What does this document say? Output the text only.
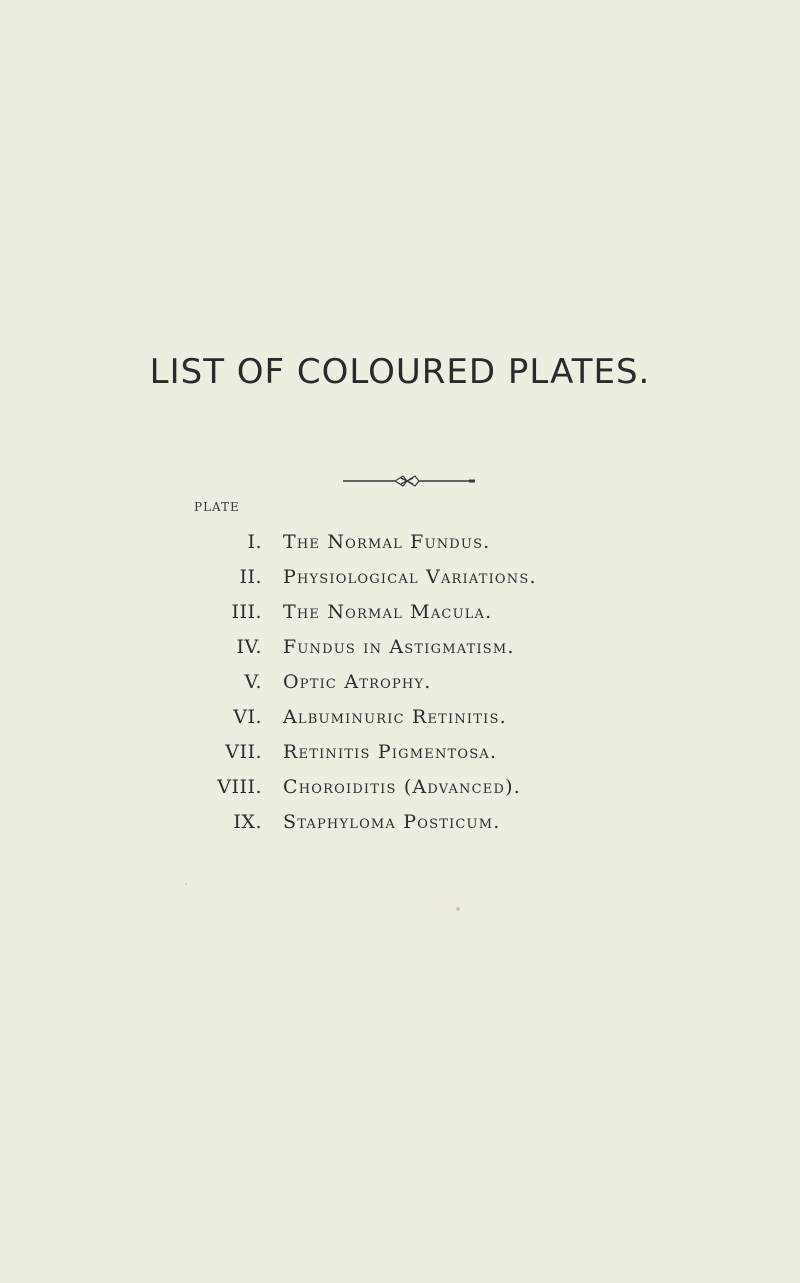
LIST OF COLOURED PLATES.
PLATE
I. The Normal Fundus.
II. Physiological Variations.
III. The Normal Macula.
IV. Fundus in Astigmatism.
V. Optic Atrophy.
VI. Albuminuric Retinitis.
VII. Retinitis Pigmentosa.
VIII. Choroiditis (Advanced).
IX. Staphyloma Posticum.
